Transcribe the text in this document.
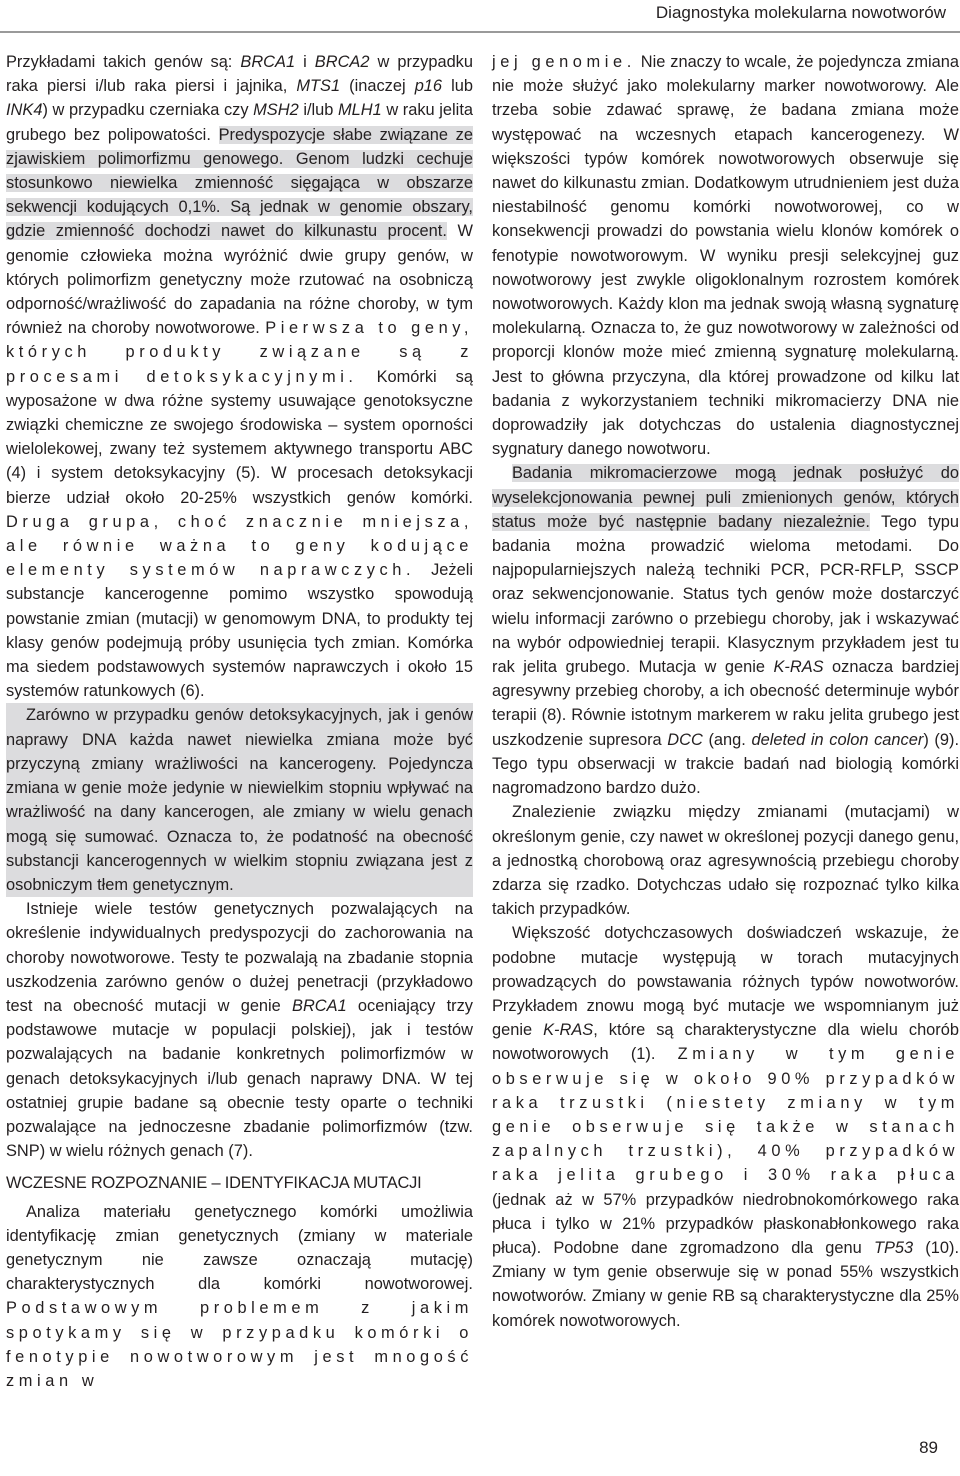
Diagnostyka molekularna nowotworów

Przykładami takich genów są: BRCA1 i BRCA2 w przypadku raka piersi i/lub raka piersi i jajnika, MTS1 (inaczej p16 lub INK4) w przypadku czerniaka czy MSH2 i/lub MLH1 w raku jelita grubego bez polipowatości. Predyspozycje słabe związane ze zjawiskiem polimorfizmu genowego. Genom ludzki cechuje stosunkowo niewielka zmienność sięgająca w obszarze sekwencji kodujących 0,1%. Są jednak w genomie obszary, gdzie zmienność dochodzi nawet do kilkunastu procent. W genomie człowieka można wyróżnić dwie grupy genów, w których polimorfizm genetyczny może rzutować na osobniczą odporność/wrażliwość do zapadania na różne choroby, w tym również na choroby nowotworowe. Pierwsza to geny, których produkty związane są z procesami detoksykacyjnymi. Komórki są wyposażone w dwa różne systemy usuwające genotoksyczne związki chemiczne ze swojego środowiska – system oporności wielolekowej, zwany też systemem aktywnego transportu ABC (4) i system detoksykacyjny (5). W procesach detoksykacji bierze udział około 20-25% wszystkich genów komórki. Druga grupa, choć znacznie mniejsza, ale równie ważna to geny kodujące elementy systemów naprawczych. Jeżeli substancje kancerogenne pomimo wszystko spowodują powstanie zmian (mutacji) w genomowym DNA, to produkty tej klasy genów podejmują próby usunięcia tych zmian. Komórka ma siedem podstawowych systemów naprawczych i około 15 systemów ratunkowych (6).

Zarówno w przypadku genów detoksykacyjnych, jak i genów naprawy DNA każda nawet niewielka zmiana może być przyczyną zmiany wrażliwości na kancerogeny. Pojedyncza zmiana w genie może jedynie w niewielkim stopniu wpływać na wrażliwość na dany kancerogen, ale zmiany w wielu genach mogą się sumować. Oznacza to, że podatność na obecność substancji kancerogennych w wielkim stopniu związana jest z osobniczym tłem genetycznym.

Istnieje wiele testów genetycznych pozwalających na określenie indywidualnych predyspozycji do zachorowania na choroby nowotworowe. Testy te pozwalają na zbadanie stopnia uszkodzenia zarówno genów o dużej penetracji (przykładowo test na obecność mutacji w genie BRCA1 oceniający trzy podstawowe mutacje w populacji polskiej), jak i testów pozwalających na badanie konkretnych polimorfizmów w genach detoksykacyjnych i/lub genach naprawy DNA. W tej ostatniej grupie badane są obecnie testy oparte o techniki pozwalające na jednoczesne zbadanie polimorfizmów (tzw. SNP) w wielu różnych genach (7).

WCZESNE ROZPOZNANIE – IDENTYFIKACJA MUTACJI

Analiza materiału genetycznego komórki umożliwia identyfikację zmian genetycznych (zmiany w materiale genetycznym nie zawsze oznaczają mutację) charakterystycznych dla komórki nowotworowej. Podstawowym problemem z jakim spotykamy się w przypadku komórki o fenotypie nowotworowym jest mnogość zmian w

jej genomie. Nie znaczy to wcale, że pojedyncza zmiana nie może służyć jako molekularny marker nowotworowy. Ale trzeba sobie zdawać sprawę, że badana zmiana może występować na wczesnych etapach kancerogenezy. W większości typów komórek nowotworowych obserwuje się nawet do kilkunastu zmian. Dodatkowym utrudnieniem jest duża niestabilność genomu komórki nowotworowej, co w konsekwencji prowadzi do powstania wielu klonów komórek o fenotypie nowotworowym. W wyniku presji selekcyjnej guz nowotworowy jest zwykle oligoklonalnym rozrostem komórek nowotworowych. Każdy klon ma jednak swoją własną sygnaturę molekularną. Oznacza to, że guz nowotworowy w zależności od proporcji klonów może mieć zmienną sygnaturę molekularną. Jest to główna przyczyna, dla której prowadzone od kilku lat badania z wykorzystaniem techniki mikromacierzy DNA nie doprowadziły jak dotychczas do ustalenia diagnostycznej sygnatury danego nowotworu.

Badania mikromacierzowe mogą jednak posłużyć do wyselekcjonowania pewnej puli zmienionych genów, których status może być następnie badany niezależnie. Tego typu badania można prowadzić wieloma metodami. Do najpopularniejszych należą techniki PCR, PCR-RFLP, SSCP oraz sekwencjonowanie. Status tych genów może dostarczyć wielu informacji zarówno o przebiegu choroby, jak i wskazywać na wybór odpowiedniej terapii. Klasycznym przykładem jest tu rak jelita grubego. Mutacja w genie K-RAS oznacza bardziej agresywny przebieg choroby, a ich obecność determinuje wybór terapii (8). Równie istotnym markerem w raku jelita grubego jest uszkodzenie supresora DCC (ang. deleted in colon cancer) (9). Tego typu obserwacji w trakcie badań nad biologią komórki nagromadzono bardzo dużo.

Znalezienie związku między zmianami (mutacjami) w określonym genie, czy nawet w określonej pozycji danego genu, a jednostką chorobową oraz agresywnością przebiegu choroby zdarza się rzadko. Dotychczas udało się rozpoznać tylko kilka takich przypadków.

Większość dotychczasowych doświadczeń wskazuje, że podobne mutacje występują w torach mutacyjnych prowadzących do powstawania różnych typów nowotworów. Przykładem znowu mogą być mutacje we wspomnianym już genie K-RAS, które są charakterystyczne dla wielu chorób nowotworowych (1). Zmiany w tym genie obserwuje się w około 90% przypadków raka trzustki (niestety zmiany w tym genie obserwuje się także w stanach zapalnych trzustki), 40% przypadków raka jelita grubego i 30% raka płuca (jednak aż w 57% przypadków niedrobnokomórkowego raka płuca i tylko w 21% przypadków płaskonabłonkowego raka płuca). Podobne dane zgromadzono dla genu TP53 (10). Zmiany w tym genie obserwuje się w ponad 55% wszystkich nowotworów. Zmiany w genie RB są charakterystyczne dla 25% komórek nowotworowych.

89
